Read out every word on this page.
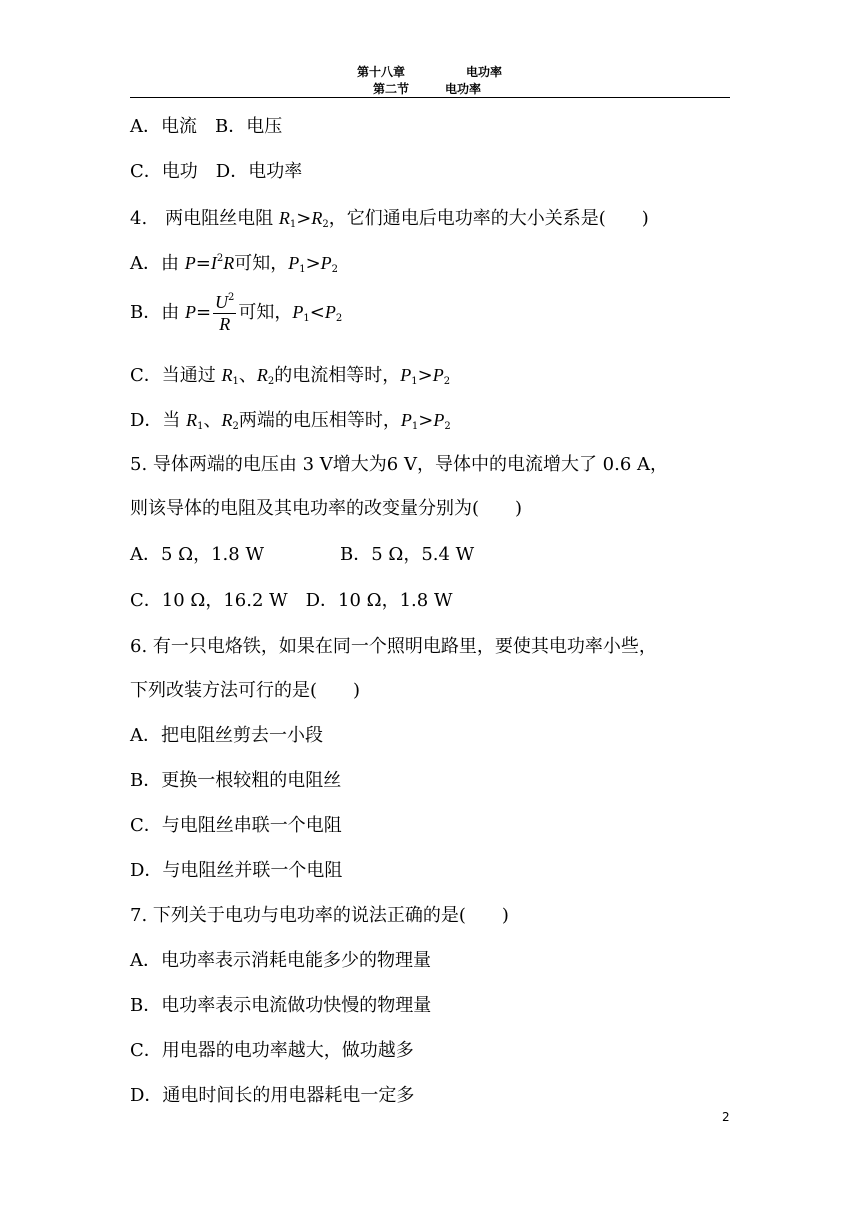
第十八章	电功率
第二节	电功率
A．电流　B．电压
C．电功　D．电功率
4.　两电阻丝电阻 $R_1>R_2$，它们通电后电功率的大小关系是(　　)
A．由 $P=I^2R$可知，$P_1>P_2$
B．由 $P= \frac{U^2}{R}$ 可知，$P_1<P_2$
C．当通过 $R_1$、$R_2$的电流相等时，$P_1>P_2$
D．当 $R_1$、$R_2$两端的电压相等时，$P_1>P_2$
5. 导体两端的电压由 3 V增大为6 V，导体中的电流增大了 0.6 A，
则该导体的电阻及其电功率的改变量分别为(　　)
A．5 Ω，1.8 W	B．5 Ω，5.4 W
C．10 Ω，16.2 W　D．10 Ω，1.8 W
6. 有一只电烙铁，如果在同一个照明电路里，要使其电功率小些，
下列改装方法可行的是(　　)
A．把电阻丝剪去一小段
B．更换一根较粗的电阻丝
C．与电阻丝串联一个电阻
D．与电阻丝并联一个电阻
7. 下列关于电功与电功率的说法正确的是(　　)
A．电功率表示消耗电能多少的物理量
B．电功率表示电流做功快慢的物理量
C．用电器的电功率越大，做功越多
D．通电时间长的用电器耗电一定多
2
